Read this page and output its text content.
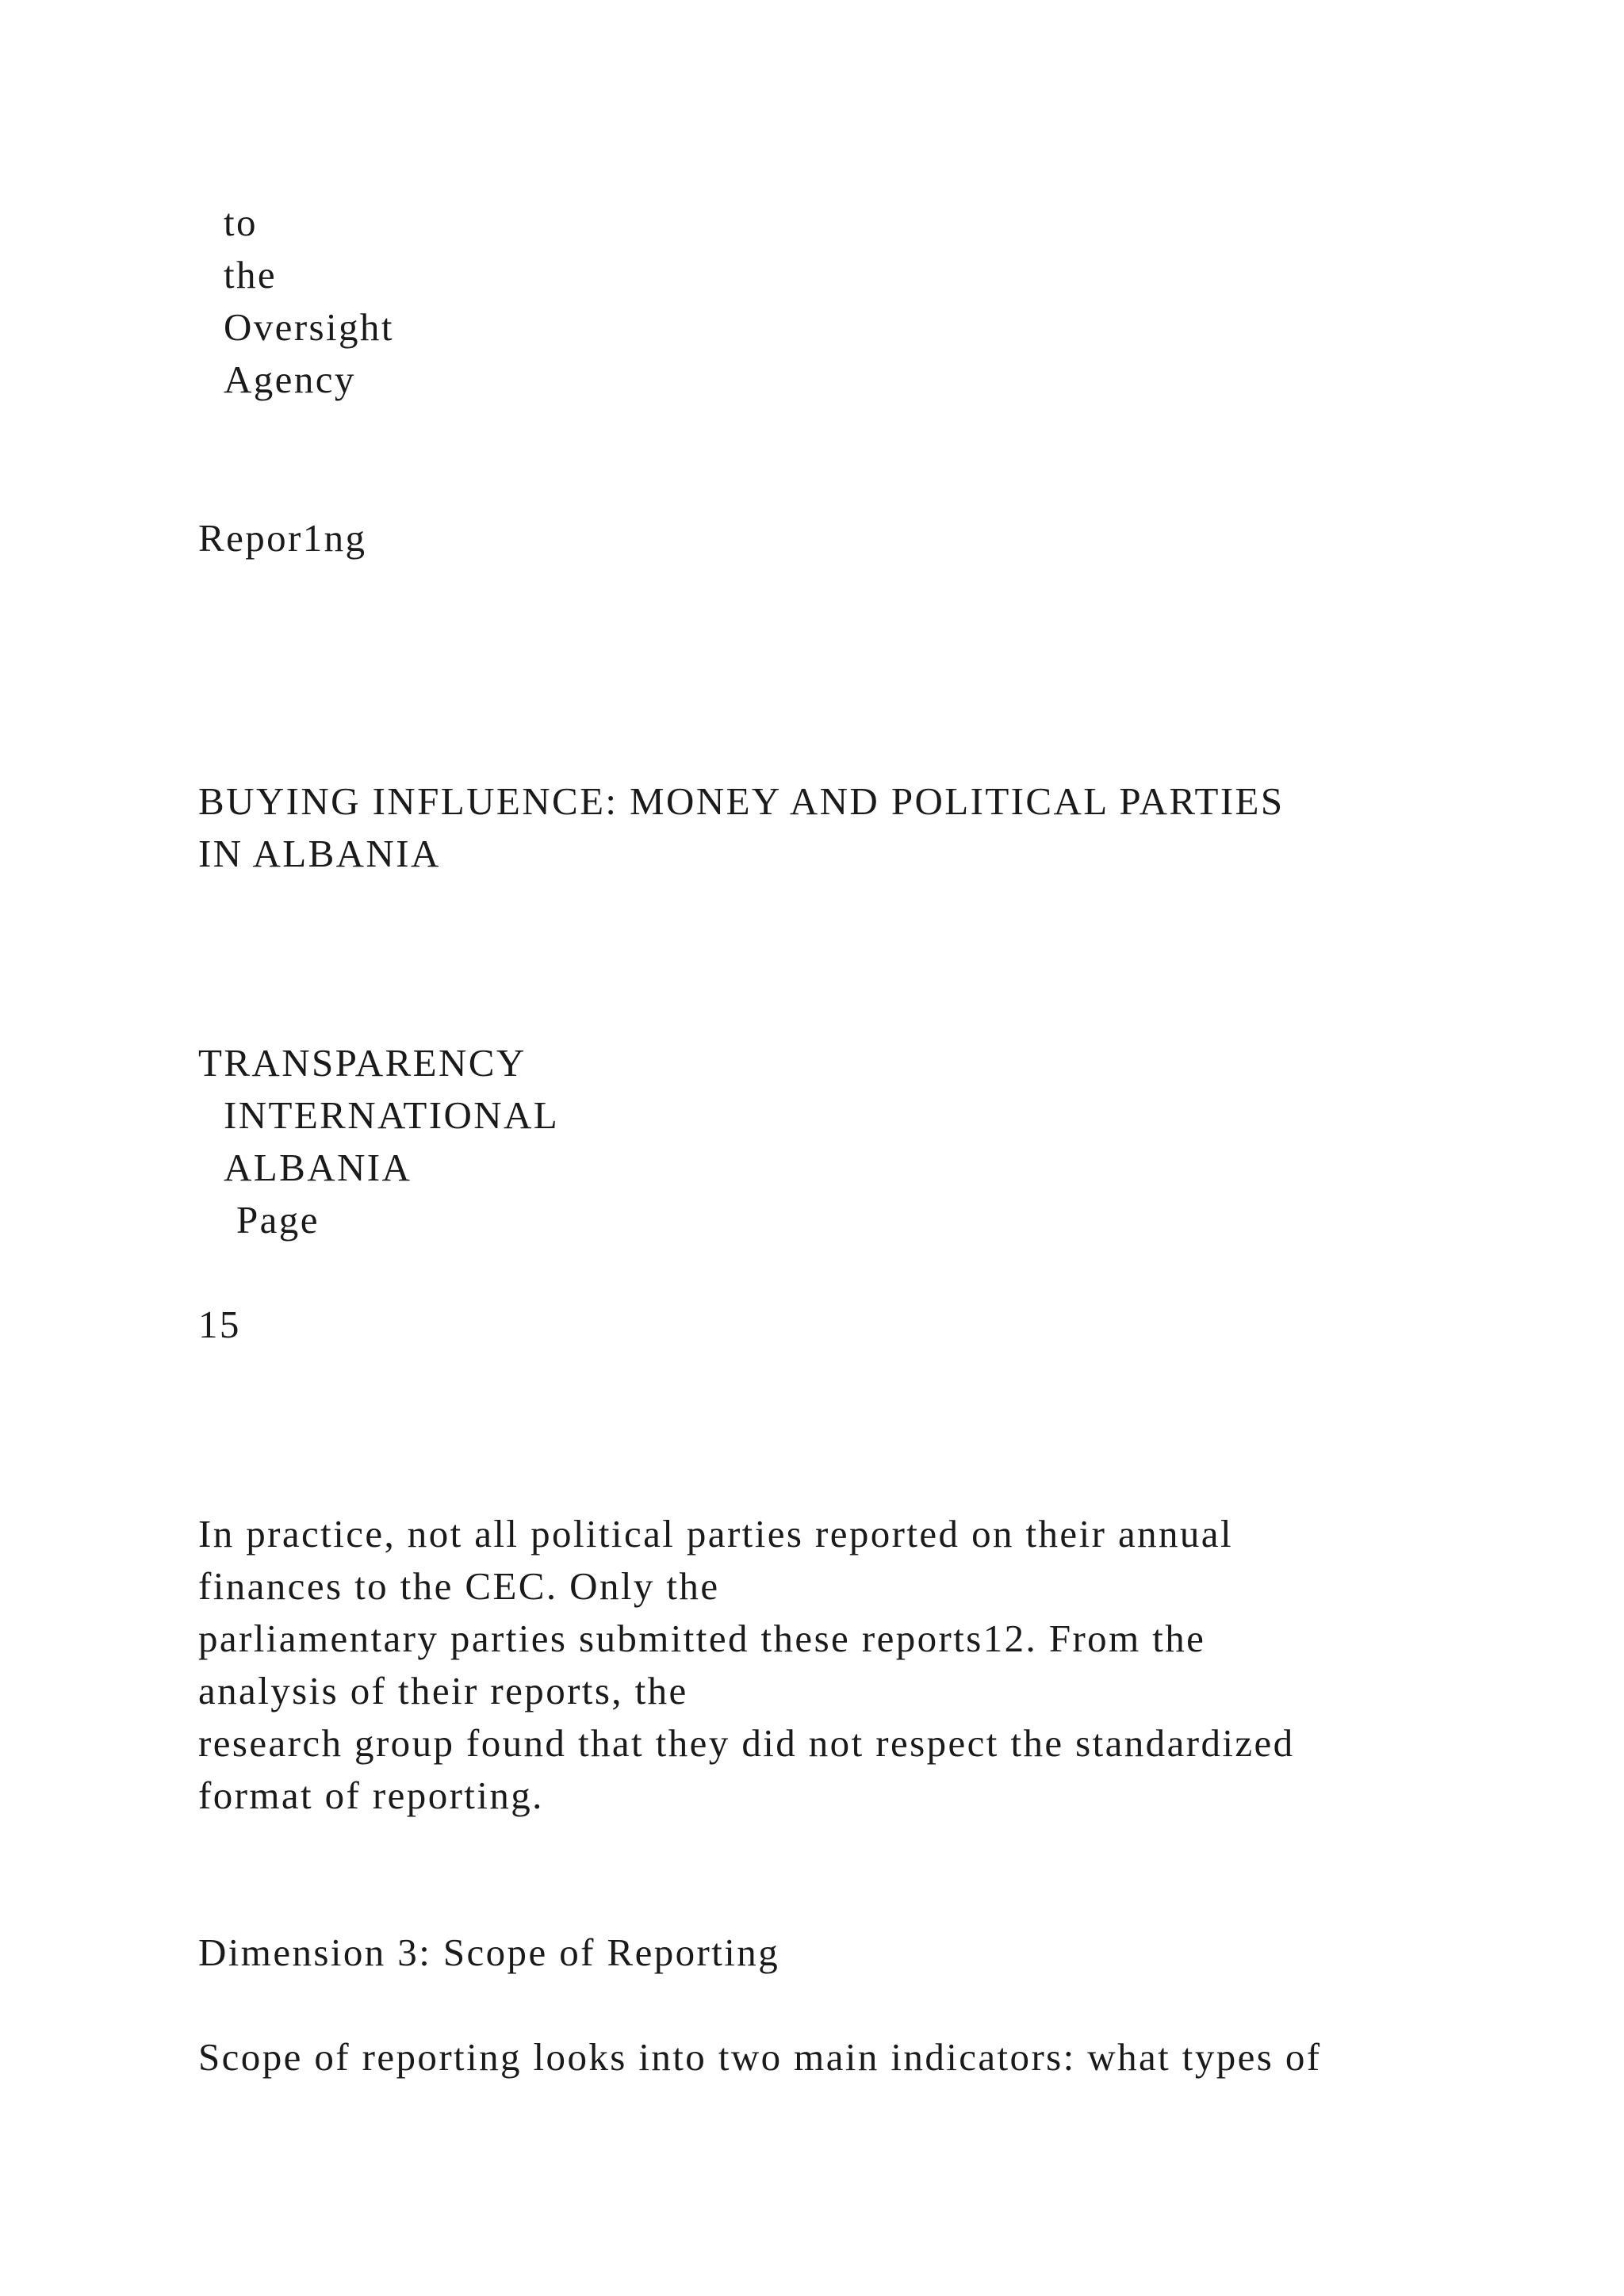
to
the
Oversight
Agency
Repor1ng
BUYING INFLUENCE: MONEY AND POLITICAL PARTIES
IN ALBANIA
TRANSPARENCY
INTERNATIONAL
ALBANIA
Page
15
In practice, not all political parties reported on their annual
finances to the CEC. Only the
parliamentary parties submitted these reports12. From the
analysis of their reports, the
research group found that they did not respect the standardized
format of reporting.
Dimension 3: Scope of Reporting
Scope of reporting looks into two main indicators: what types of
